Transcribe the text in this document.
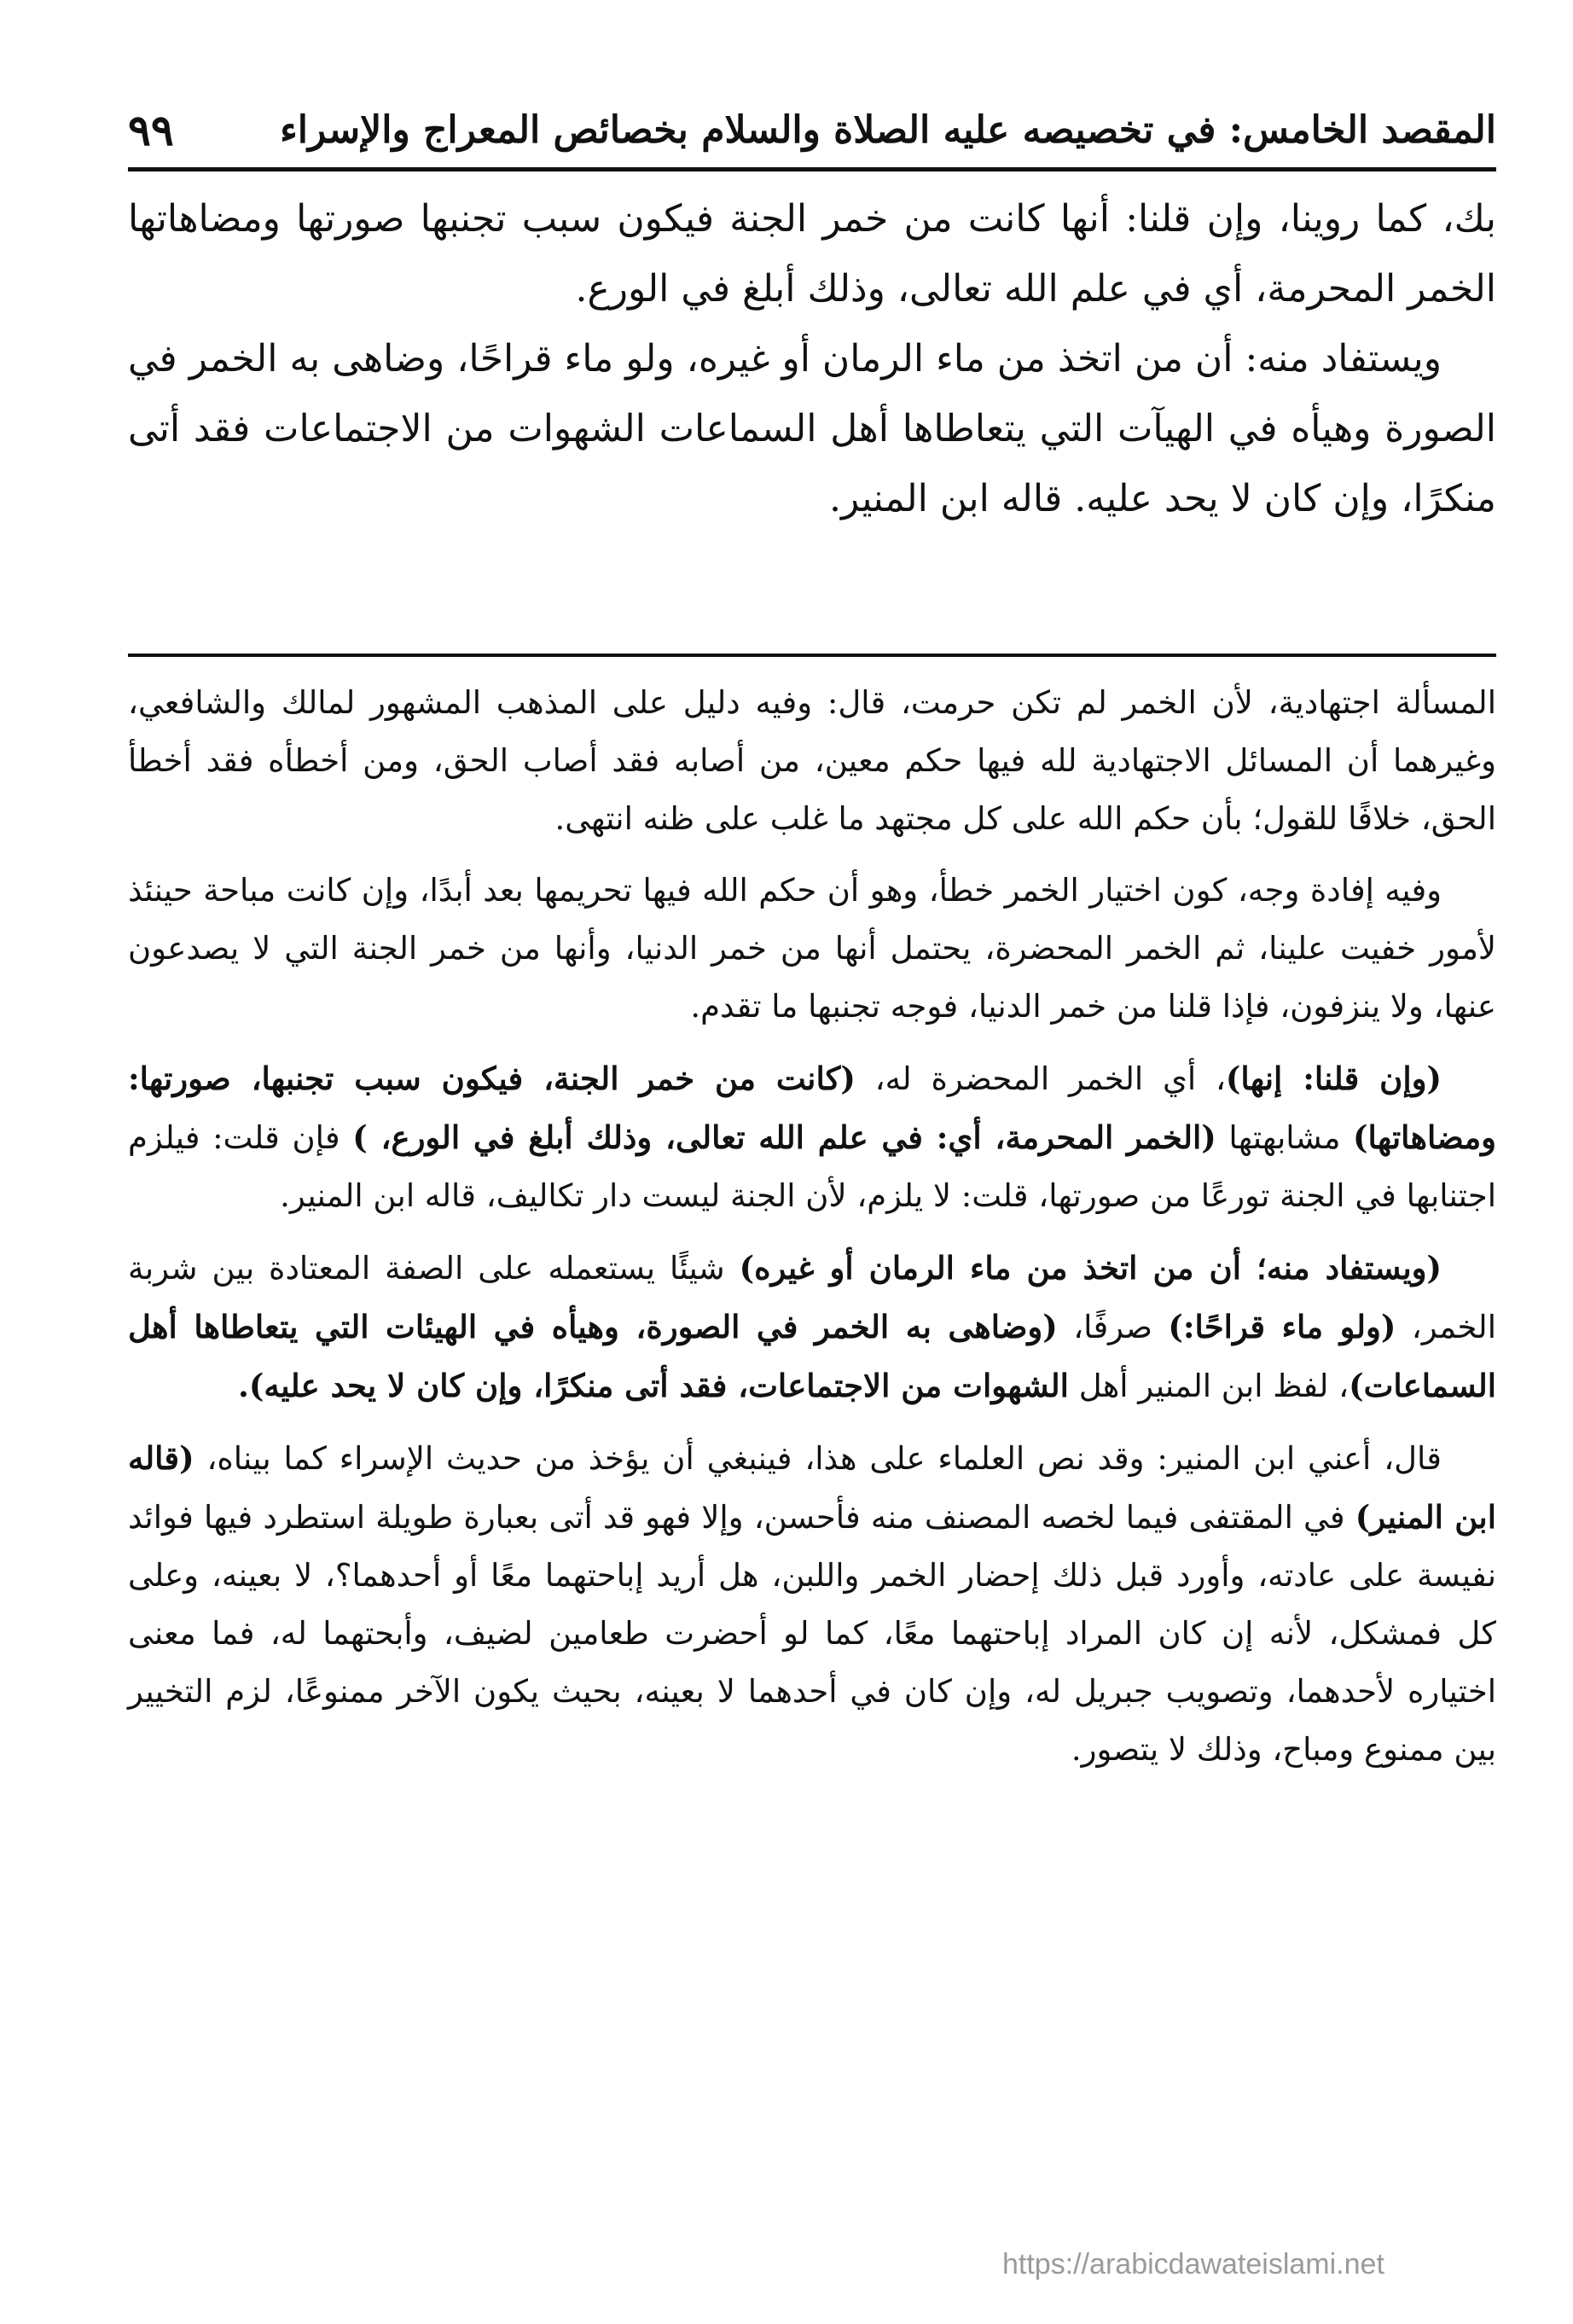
المقصد الخامس: في تخصيصه عليه الصلاة والسلام بخصائص المعراج والإسراء
٩٩

بك، كما روينا، وإن قلنا: أنها كانت من خمر الجنة فيكون سبب تجنبها صورتها ومضاهاتها الخمر المحرمة، أي في علم الله تعالى، وذلك أبلغ في الورع.

ويستفاد منه: أن من اتخذ من ماء الرمان أو غيره، ولو ماء قراحًا، وضاهى به الخمر في الصورة وهيأه في الهيآت التي يتعاطاها أهل السماعات الشهوات من الاجتماعات فقد أتى منكرًا، وإن كان لا يحد عليه. قاله ابن المنير.

المسألة اجتهادية، لأن الخمر لم تكن حرمت، قال: وفيه دليل على المذهب المشهور لمالك والشافعي، وغيرهما أن المسائل الاجتهادية لله فيها حكم معين، من أصابه فقد أصاب الحق، ومن أخطأه فقد أخطأ الحق، خلافًا للقول؛ بأن حكم الله على كل مجتهد ما غلب على ظنه انتهى.

وفيه إفادة وجه، كون اختيار الخمر خطأ، وهو أن حكم الله فيها تحريمها بعد أبدًا، وإن كانت مباحة حينئذ لأمور خفيت علينا، ثم الخمر المحضرة، يحتمل أنها من خمر الدنيا، وأنها من خمر الجنة التي لا يصدعون عنها، ولا ينزفون، فإذا قلنا من خمر الدنيا، فوجه تجنبها ما تقدم.

(وإن قلنا: إنها)، أي الخمر المحضرة له، (كانت من خمر الجنة، فيكون سبب تجنبها، صورتها: ومضاهاتها) مشابهتها (الخمر المحرمة، أي: في علم الله تعالى، وذلك أبلغ في الورع، ) فإن قلت: فيلزم اجتنابها في الجنة تورعًا من صورتها، قلت: لا يلزم، لأن الجنة ليست دار تكاليف، قاله ابن المنير.

(ويستفاد منه؛ أن من اتخذ من ماء الرمان أو غيره) شيئًا يستعمله على الصفة المعتادة بين شربة الخمر، (ولو ماء قراحًا:) صرفًا، (وضاهى به الخمر في الصورة، وهيأه في الهيئات التي يتعاطاها أهل السماعات)، لفظ ابن المنير أهل الشهوات من الاجتماعات، فقد أتى منكرًا، وإن كان لا يحد عليه).

قال، أعني ابن المنير: وقد نص العلماء على هذا، فينبغي أن يؤخذ من حديث الإسراء كما بيناه، (قاله ابن المنير) في المقتفى فيما لخصه المصنف منه فأحسن، وإلا فهو قد أتى بعبارة طويلة استطرد فيها فوائد نفيسة على عادته، وأورد قبل ذلك إحضار الخمر واللبن، هل أريد إباحتهما معًا أو أحدهما؟، لا بعينه، وعلى كل فمشكل، لأنه إن كان المراد إباحتهما معًا، كما لو أحضرت طعامين لضيف، وأبحتهما له، فما معنى اختياره لأحدهما، وتصويب جبريل له، وإن كان في أحدهما لا بعينه، بحيث يكون الآخر ممنوعًا، لزم التخيير بين ممنوع ومباح، وذلك لا يتصور.

https://arabicdawateislami.net
